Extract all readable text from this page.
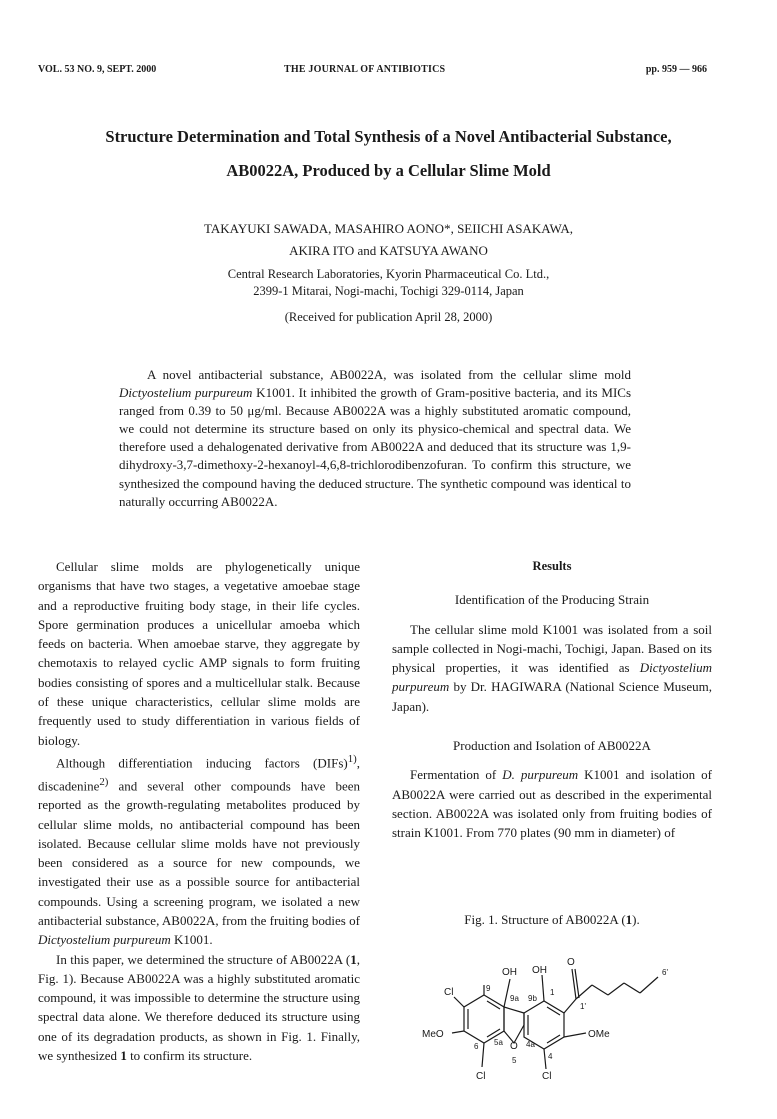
VOL. 53 NO. 9, SEPT. 2000	THE JOURNAL OF ANTIBIOTICS	pp. 959 — 966
Structure Determination and Total Synthesis of a Novel Antibacterial Substance,
AB0022A, Produced by a Cellular Slime Mold
TAKAYUKI SAWADA, MASAHIRO AONO*, SEIICHI ASAKAWA,
AKIRA ITO and KATSUYA AWANO
Central Research Laboratories, Kyorin Pharmaceutical Co. Ltd.,
2399-1 Mitarai, Nogi-machi, Tochigi 329-0114, Japan
(Received for publication April 28, 2000)

A novel antibacterial substance, AB0022A, was isolated from the cellular slime mold Dictyostelium purpureum K1001. It inhibited the growth of Gram-positive bacteria, and its MICs ranged from 0.39 to 50 μg/ml. Because AB0022A was a highly substituted aromatic compound, we could not determine its structure based on only its physico-chemical and spectral data. We therefore used a dehalogenated derivative from AB0022A and deduced that its structure was 1,9-dihydroxy-3,7-dimethoxy-2-hexanoyl-4,6,8-trichlorodibenzofuran. To confirm this structure, we synthesized the compound having the deduced structure. The synthetic compound was identical to naturally occurring AB0022A.

Cellular slime molds are phylogenetically unique organisms that have two stages, a vegetative amoebae stage and a reproductive fruiting body stage, in their life cycles. Spore germination produces a unicellular amoeba which feeds on bacteria. When amoebae starve, they aggregate by chemotaxis to relayed cyclic AMP signals to form fruiting bodies consisting of spores and a multicellular stalk. Because of these unique characteristics, cellular slime molds are frequently used to study differentiation in various fields of biology.

Although differentiation inducing factors (DIFs)$^{1)}$, discadenine$^{2)}$ and several other compounds have been reported as the growth-regulating metabolites produced by cellular slime molds, no antibacterial compound has been isolated. Because cellular slime molds have not previously been considered as a source for new compounds, we investigated their use as a possible source for antibacterial compounds. Using a screening program, we isolated a new antibacterial substance, AB0022A, from the fruiting bodies of Dictyostelium purpureum K1001.

In this paper, we determined the structure of AB0022A (1, Fig. 1). Because AB0022A was a highly substituted aromatic compound, it was impossible to determine the structure using spectral data alone. We therefore deduced its structure using one of its degradation products, as shown in Fig. 1. Finally, we synthesized 1 to confirm its structure.

Results
Identification of the Producing Strain

The cellular slime mold K1001 was isolated from a soil sample collected in Nogi-machi, Tochigi, Japan. Based on its physical properties, it was identified as Dictyostelium purpureum by Dr. HAGIWARA (National Science Museum, Japan).

Production and Isolation of AB0022A

Fermentation of D. purpureum K1001 and isolation of AB0022A were carried out as described in the experimental section. AB0022A was isolated only from fruiting bodies of strain K1001. From 770 plates (90 mm in diameter) of

Fig. 1. Structure of AB0022A (1).

OH OH
O
Cl
MeO	OMe
Cl	Cl
O
9
9a 9b
1
1'
6'
6 5a	4a
4
5
